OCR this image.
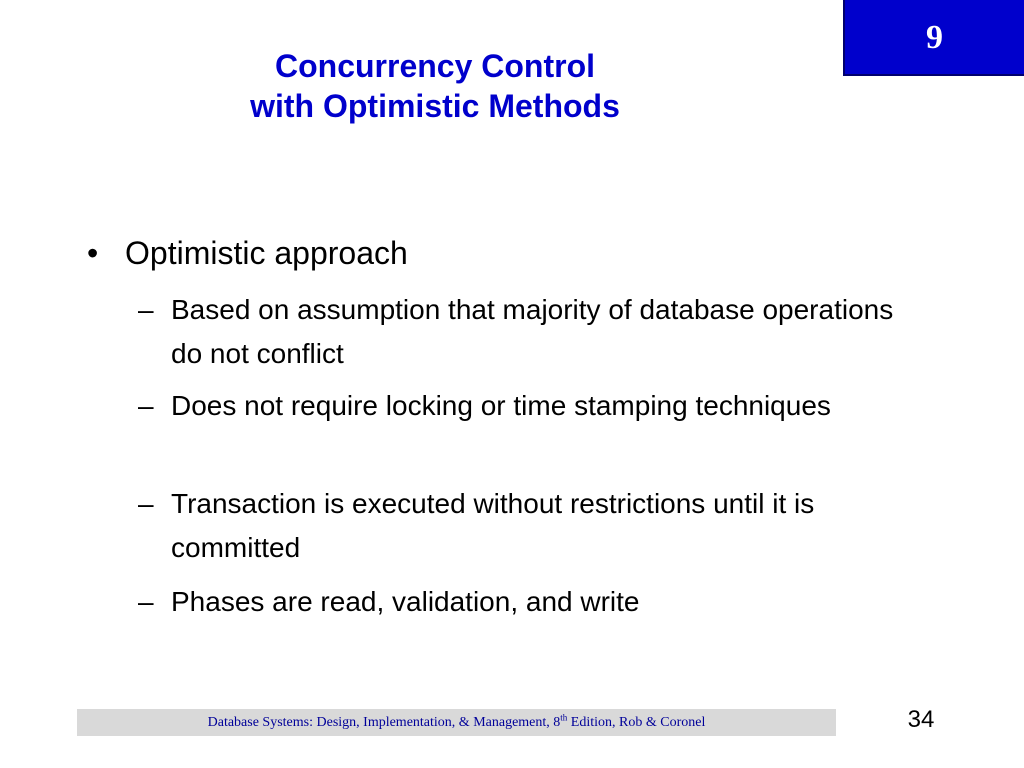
9
Concurrency Control
with Optimistic Methods
• Optimistic approach
– Based on assumption that majority of database operations do not conflict
– Does not require locking or time stamping techniques
– Transaction is executed without restrictions until it is committed
– Phases are read, validation, and write
Database Systems: Design, Implementation, & Management, 8th Edition, Rob & Coronel	34
